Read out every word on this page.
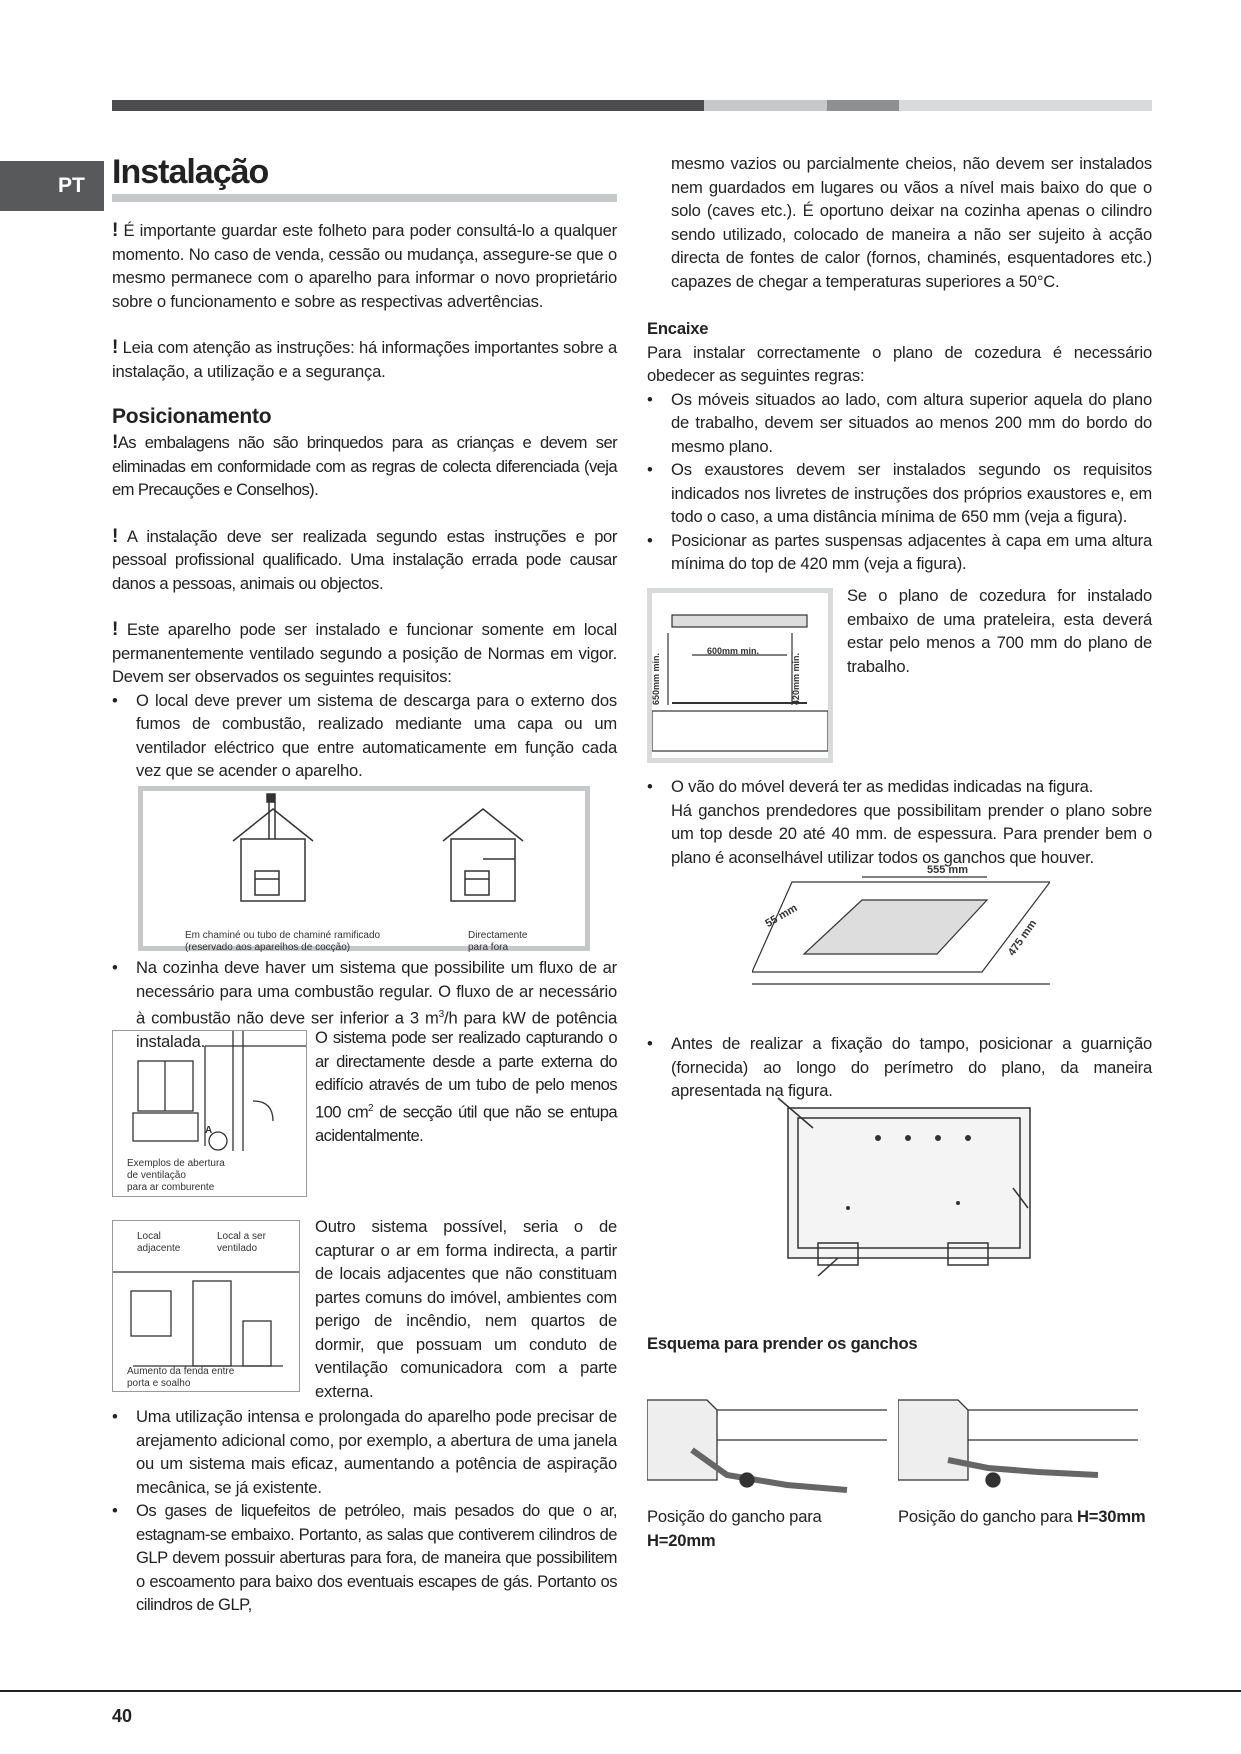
PT Instalação

! É importante guardar este folheto para poder consultá-lo a qualquer momento. No caso de venda, cessão ou mudança, assegure-se que o mesmo permanece com o aparelho para informar o novo proprietário sobre o funcionamento e sobre as respectivas advertências.

! Leia com atenção as instruções: há informações importantes sobre a instalação, a utilização e a segurança.

Posicionamento

!As embalagens não são brinquedos para as crianças e devem ser eliminadas em conformidade com as regras de colecta diferenciada (veja em Precauções e Conselhos).

! A instalação deve ser realizada segundo estas instruções e por pessoal profissional qualificado. Uma instalação errada pode causar danos a pessoas, animais ou objectos.

! Este aparelho pode ser instalado e funcionar somente em local permanentemente ventilado segundo a posição de Normas em vigor. Devem ser observados os seguintes requisitos:

• O local deve prever um sistema de descarga para o externo dos fumos de combustão, realizado mediante uma capa ou um ventilador eléctrico que entre automaticamente em função cada vez que se acender o aparelho.
Em chaminé ou tubo de chaminé ramificado
(reservado aos aparelhos de cocção)
Directamente
para fora
• Na cozinha deve haver um sistema que possibilite um fluxo de ar necessário para uma combustão regular. O fluxo de ar necessário à combustão não deve ser inferior a 3 $m^3/h$ para kW de potência instalada.
A
Exemplos de abertura
de ventilação
para ar comburente

O sistema pode ser realizado capturando o ar directamente desde a parte externa do edifício através de um tubo de pelo menos 100 $cm^2$ de secção útil que não se entupa acidentalmente.

Local
adjacente
Local a ser
ventilado
Aumento da fenda entre
porta e soalho

Outro sistema possível, seria o de capturar o ar em forma indirecta, a partir de locais adjacentes que não constituam partes comuns do imóvel, ambientes com perigo de incêndio, nem quartos de dormir, que possuam um conduto de ventilação comunicadora com a parte externa.

• Uma utilização intensa e prolongada do aparelho pode precisar de arejamento adicional como, por exemplo, a abertura de uma janela ou um sistema mais eficaz, aumentando a potência de aspiração mecânica, se já existente.
• Os gases de liquefeitos de petróleo, mais pesados do que o ar, estagnam-se embaixo. Portanto, as salas que contiverem cilindros de GLP devem possuir aberturas para fora, de maneira que possibilitem o escoamento para baixo dos eventuais escapes de gás. Portanto os cilindros de GLP,

mesmo vazios ou parcialmente cheios, não devem ser instalados nem guardados em lugares ou vãos a nível mais baixo do que o solo (caves etc.). É oportuno deixar na cozinha apenas o cilindro sendo utilizado, colocado de maneira a não ser sujeito à acção directa de fontes de calor (fornos, chaminés, esquentadores etc.) capazes de chegar a temperaturas superiores a 50°C.

Encaixe

Para instalar correctamente o plano de cozedura é necessário obedecer as seguintes regras:

• Os móveis situados ao lado, com altura superior aquela do plano de trabalho, devem ser situados ao menos 200 mm do bordo do mesmo plano.
• Os exaustores devem ser instalados segundo os requisitos indicados nos livretes de instruções dos próprios exaustores e, em todo o caso, a uma distância mínima de 650 mm (veja a figura).
• Posicionar as partes suspensas adjacentes à capa em uma altura mínima do top de 420 mm (veja a figura).
600mm min.
650mm min.	420mm min.

Se o plano de cozedura for instalado embaixo de uma prateleira, esta deverá estar pelo menos a 700 mm do plano de trabalho.

• O vão do móvel deverá ter as medidas indicadas na figura.
Há ganchos prendedores que possibilitam prender o plano sobre um top desde 20 até 40 mm. de espessura. Para prender bem o plano é aconselhável utilizar todos os ganchos que houver.
555 mm
55 mm
475 mm
• Antes de realizar a fixação do tampo, posicionar a guarnição (fornecida) ao longo do perímetro do plano, da maneira apresentada na figura.
Esquema para prender os ganchos
Posição do gancho para H=20mm
Posição do gancho para H=30mm
40
